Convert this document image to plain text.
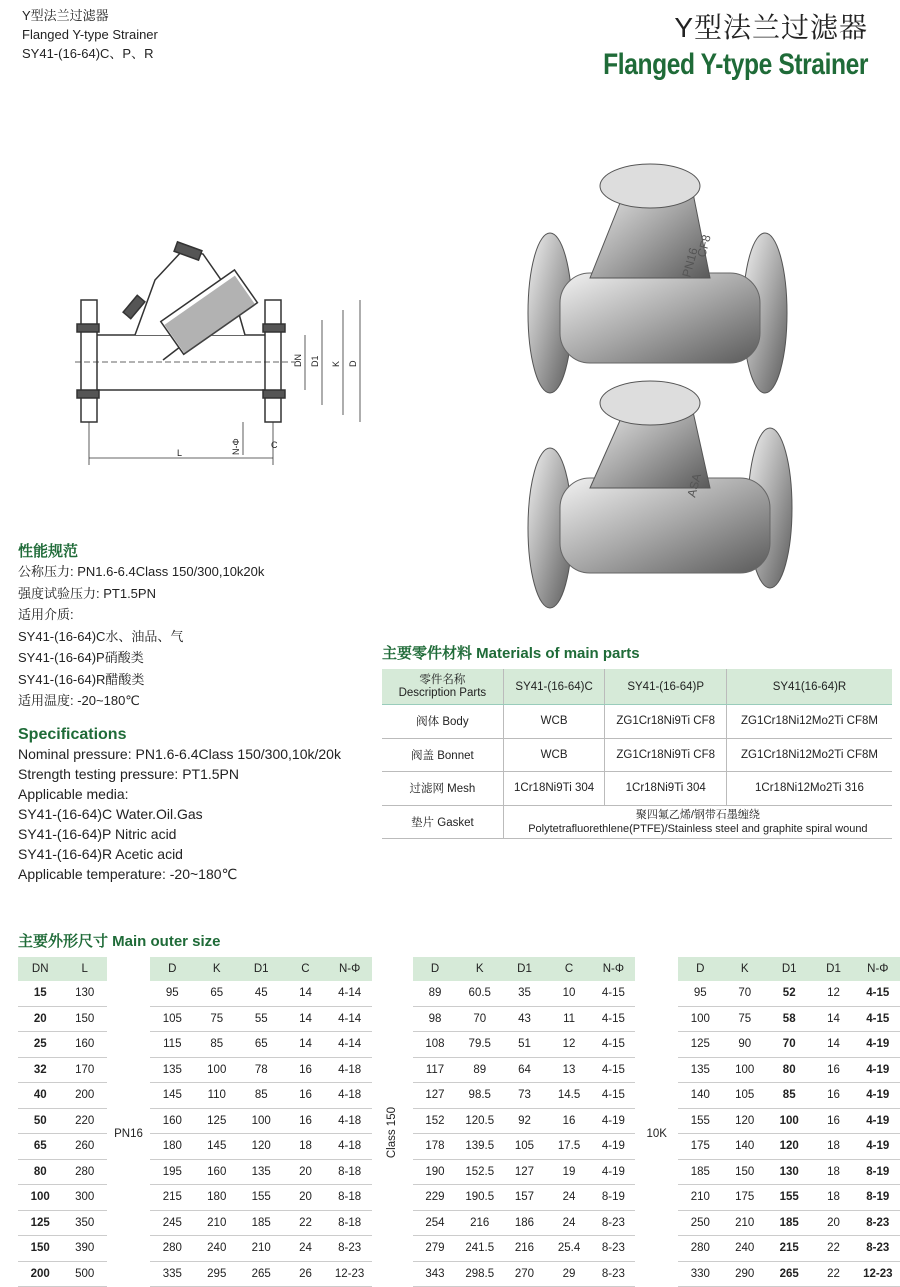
Y型法兰过滤器
Flanged Y-type Strainer
SY41-(16-64)C、P、R
Y型法兰过滤器
Flanged Y-type Strainer
DN D1 K D
L	N-Φ	C
PN16
CF8
ASA
性能规范
公称压力: PN1.6-6.4Class 150/300,10k20k
强度试验压力: PT1.5PN
适用介质:
SY41-(16-64)C水、油品、气
SY41-(16-64)P硝酸类
SY41-(16-64)R醋酸类
适用温度: -20~180℃
Specifications
Nominal pressure: PN1.6-6.4Class 150/300,10k/20k
Strength testing pressure: PT1.5PN
Applicable media:
SY41-(16-64)C Water.Oil.Gas
SY41-(16-64)P Nitric acid
SY41-(16-64)R Acetic acid
Applicable temperature: -20~180℃
主要零件材料 Materials of main parts
零件名称
Description Parts	SY41-(16-64)C	SY41-(16-64)P	SY41(16-64)R
阀体 Body	WCB	ZG1Cr18Ni9Ti CF8	ZG1Cr18Ni12Mo2Ti CF8M
阀盖 Bonnet	WCB	ZG1Cr18Ni9Ti CF8	ZG1Cr18Ni12Mo2Ti CF8M
过滤网 Mesh	1Cr18Ni9Ti 304	1Cr18Ni9Ti 304	1Cr18Ni12Mo2Ti 316
垫片 Gasket	聚四氟乙烯/钢带石墨缠绕
Polytetrafluorethlene(PTFE)/Stainless steel and graphite spiral wound		
主要外形尺寸 Main outer size
DN	L		D	K	D1	C	N-Φ		D	K	D1	C	N-Φ		D	K	D1	D1	N-Φ
15	130	PN16	95	65	45	14	4-14	Class 150	89	60.5	35	10	4-15	10K	95	70	52	12	4-15
20	150		105	75	55	14	4-14		98	70	43	11	4-15		100	75	58	14	4-15
25	160		115	85	65	14	4-14		108	79.5	51	12	4-15		125	90	70	14	4-19
32	170		135	100	78	16	4-18		117	89	64	13	4-15		135	100	80	16	4-19
40	200		145	110	85	16	4-18		127	98.5	73	14.5	4-15		140	105	85	16	4-19
50	220		160	125	100	16	4-18		152	120.5	92	16	4-19		155	120	100	16	4-19
65	260		180	145	120	18	4-18		178	139.5	105	17.5	4-19		175	140	120	18	4-19
80	280		195	160	135	20	8-18		190	152.5	127	19	4-19		185	150	130	18	8-19
100	300		215	180	155	20	8-18		229	190.5	157	24	8-19		210	175	155	18	8-19
125	350		245	210	185	22	8-18		254	216	186	24	8-23		250	210	185	20	8-23
150	390		280	240	210	24	8-23		279	241.5	216	25.4	8-23		280	240	215	22	8-23
200	500		335	295	265	26	12-23		343	298.5	270	29	8-23		330	290	265	22	12-23
